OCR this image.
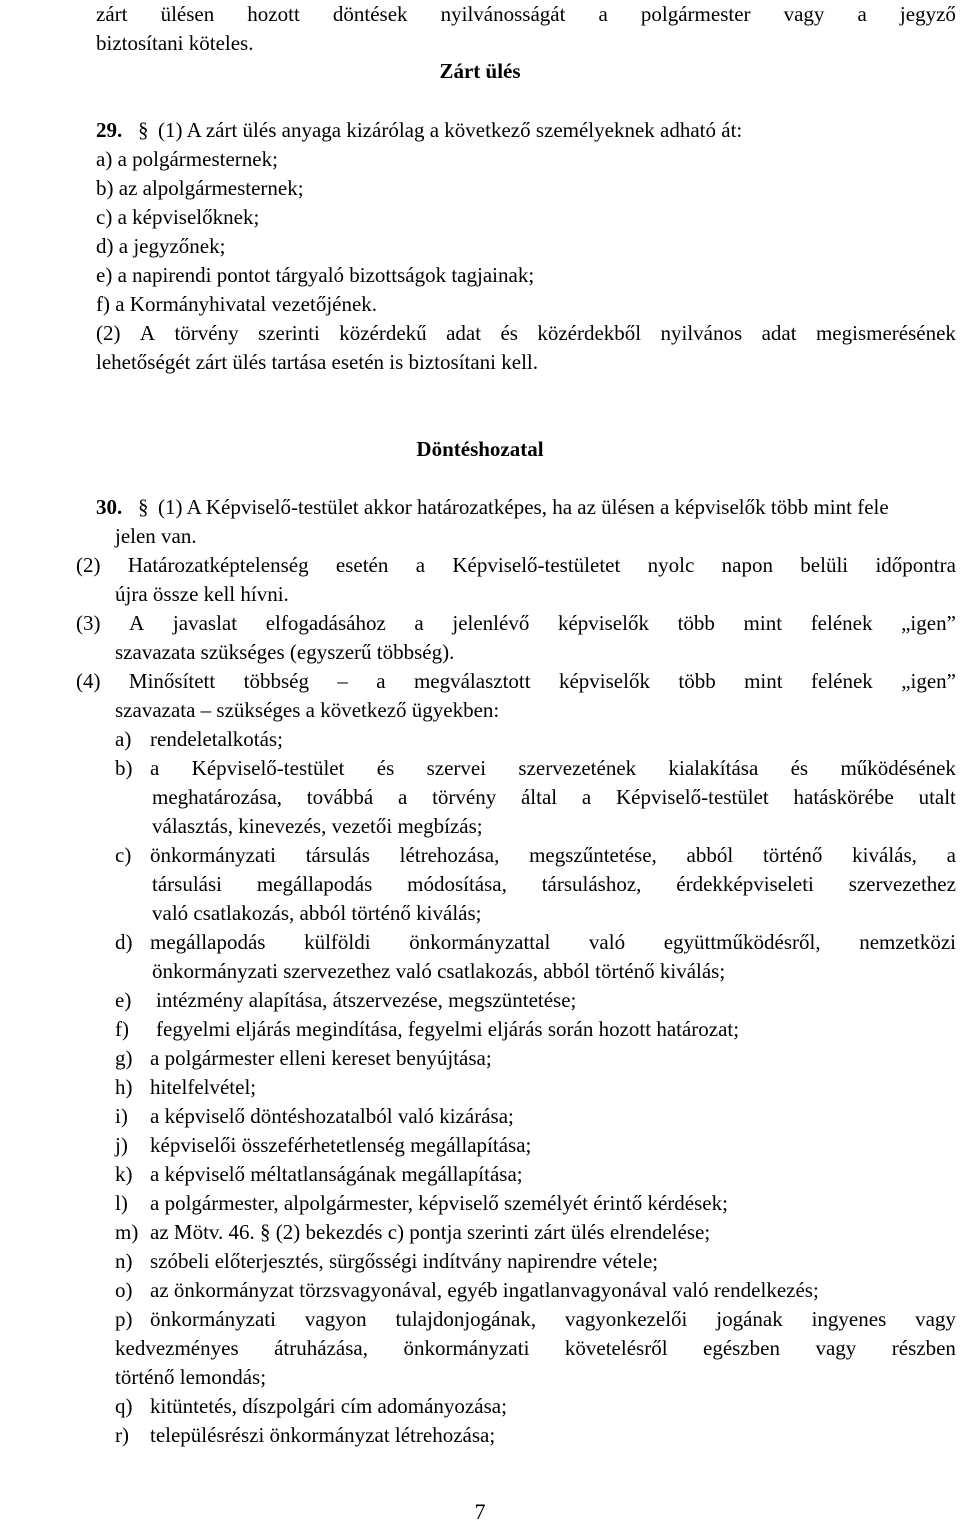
zárt ülésen hozott döntések nyilvánosságát a polgármester vagy a jegyző
biztosítani köteles.
Zárt ülés
29. § (1) A zárt ülés anyaga kizárólag a következő személyeknek adható át:
a) a polgármesternek;
b) az alpolgármesternek;
c) a képviselőknek;
d) a jegyzőnek;
e) a napirendi pontot tárgyaló bizottságok tagjainak;
f) a Kormányhivatal vezetőjének.
(2) A törvény szerinti közérdekű adat és közérdekből nyilvános adat megismerésének
lehetőségét zárt ülés tartása esetén is biztosítani kell.
Döntéshozatal
30. § (1) A Képviselő-testület akkor határozatképes, ha az ülésen a képviselők több mint fele
jelen van.
(2) Határozatképtelenség esetén a Képviselő-testületet nyolc napon belüli időpontra
újra össze kell hívni.
(3) A javaslat elfogadásához a jelenlévő képviselők több mint felének „igen”
szavazata szükséges (egyszerű többség).
(4) Minősített többség – a megválasztott képviselők több mint felének „igen”
szavazata – szükséges a következő ügyekben:
a) rendeletalkotás;
b) a Képviselő-testület és szervei szervezetének kialakítása és működésének
meghatározása, továbbá a törvény által a Képviselő-testület hatáskörébe utalt
választás, kinevezés, vezetői megbízás;
c) önkormányzati társulás létrehozása, megszűntetése, abból történő kiválás, a
társulási megállapodás módosítása, társuláshoz, érdekképviseleti szervezethez
való csatlakozás, abból történő kiválás;
d) megállapodás külföldi önkormányzattal való együttműködésről, nemzetközi
önkormányzati szervezethez való csatlakozás, abból történő kiválás;
e) intézmény alapítása, átszervezése, megszüntetése;
f) fegyelmi eljárás megindítása, fegyelmi eljárás során hozott határozat;
g) a polgármester elleni kereset benyújtása;
h) hitelfelvétel;
i) a képviselő döntéshozatalból való kizárása;
j) képviselői összeférhetetlenség megállapítása;
k) a képviselő méltatlanságának megállapítása;
l) a polgármester, alpolgármester, képviselő személyét érintő kérdések;
m) az Mötv. 46. § (2) bekezdés c) pontja szerinti zárt ülés elrendelése;
n) szóbeli előterjesztés, sürgősségi indítvány napirendre vétele;
o) az önkormányzat törzsvagyonával, egyéb ingatlanvagyonával való rendelkezés;
p) önkormányzati vagyon tulajdonjogának, vagyonkezelői jogának ingyenes vagy
kedvezményes átruházása, önkormányzati követelésről egészben vagy részben
történő lemondás;
q) kitüntetés, díszpolgári cím adományozása;
r) településrészi önkormányzat létrehozása;
7
